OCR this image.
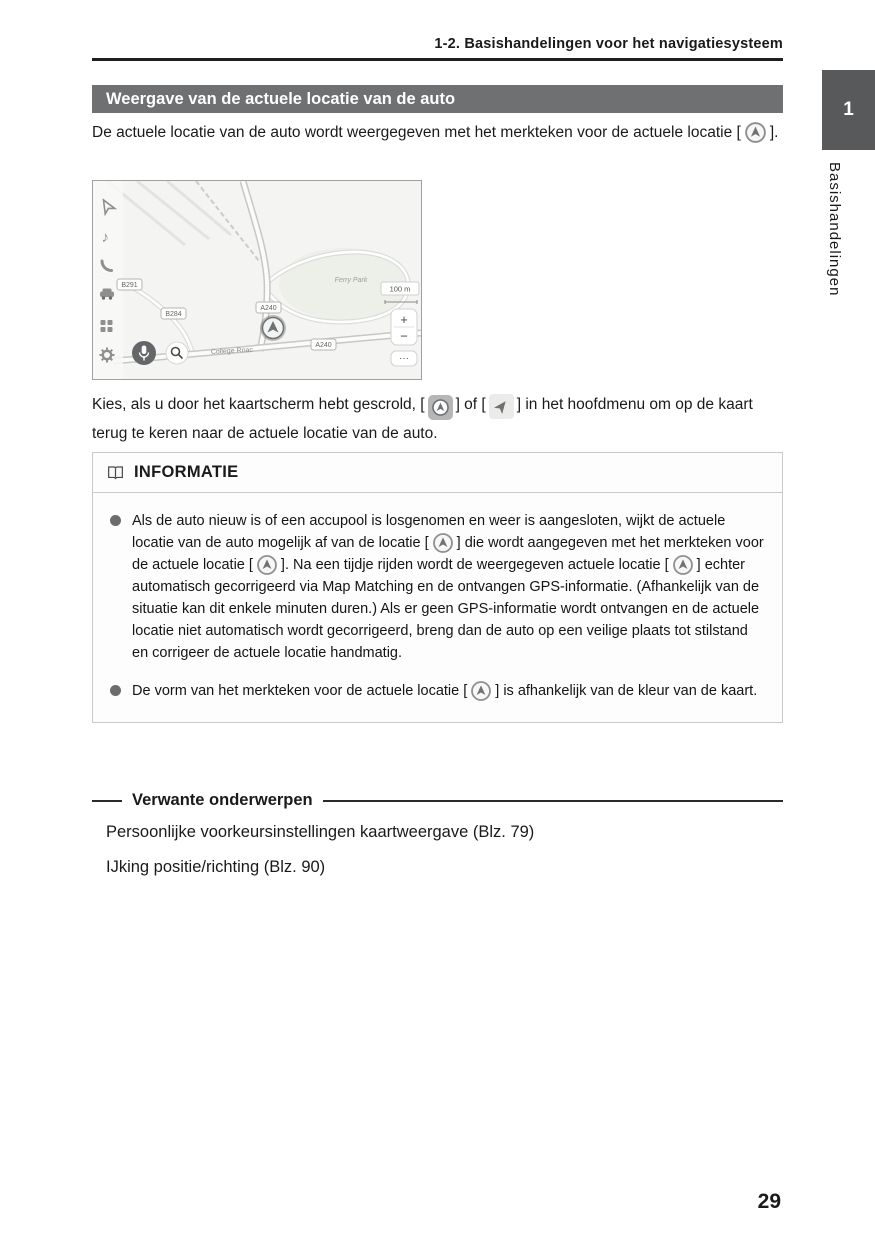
1-2. Basishandelingen voor het navigatiesysteem
1
Basishandelingen
Weergave van de actuele locatie van de auto

De actuele locatie van de auto wordt weergegeven met het merkteken voor de actuele locatie [ ].

♪
Ferry Park
College Roac
B291
B284
A240
A240
100 m
+
−
···

Kies, als u door het kaartscherm hebt gescrold, [ ] of [ ] in het hoofdmenu om op de kaart terug te keren naar de actuele locatie van de auto.

INFORMATIE
Als de auto nieuw is of een accupool is losgenomen en weer is aangesloten, wijkt de actuele locatie van de auto mogelijk af van de locatie [ ] die wordt aangegeven met het merkteken voor de actuele locatie [ ]. Na een tijdje rijden wordt de weergegeven actuele locatie [ ] echter automatisch gecorrigeerd via Map Matching en de ontvangen GPS-informatie. (Afhankelijk van de situatie kan dit enkele minuten duren.) Als er geen GPS-informatie wordt ontvangen en de actuele locatie niet automatisch wordt gecorrigeerd, breng dan de auto op een veilige plaats tot stilstand en corrigeer de actuele locatie handmatig.
De vorm van het merkteken voor de actuele locatie [ ] is afhankelijk van de kleur van de kaart.
Verwante onderwerpen
Persoonlijke voorkeursinstellingen kaartweergave (Blz. 79)
IJking positie/richting (Blz. 90)
29
